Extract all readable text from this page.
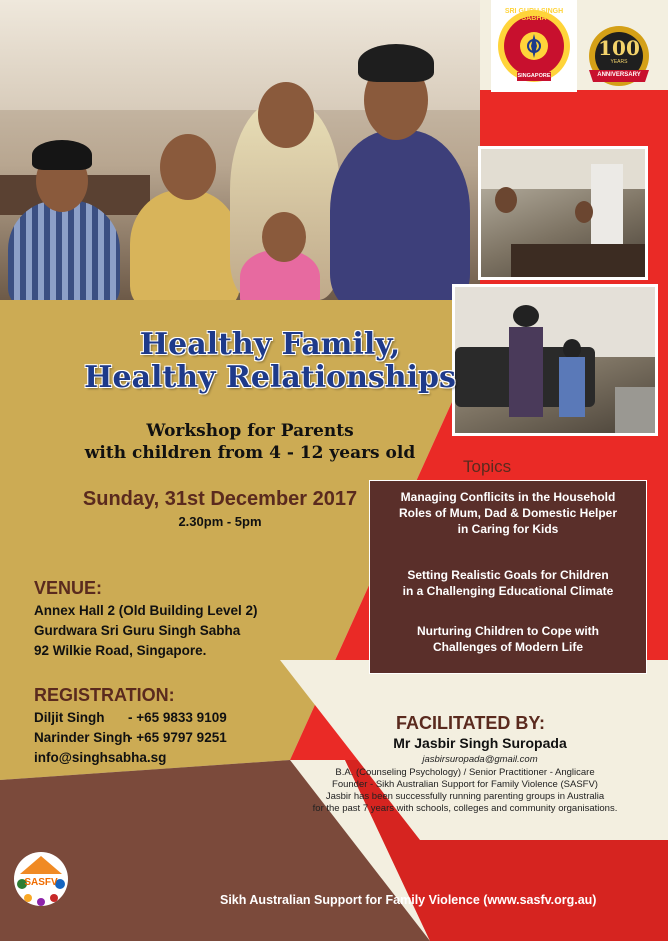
SRI GURU SINGH SABHA
SINGAPORE
100
YEARS
ANNIVERSARY
Healthy Family,
Healthy Relationships
Workshop for Parents
with children from 4 - 12 years old
Sunday, 31st December 2017
2.30pm - 5pm
VENUE:
Annex Hall 2 (Old Building Level 2)
Gurdwara Sri Guru Singh Sabha
92 Wilkie Road, Singapore.
REGISTRATION:
Diljit Singh - +65 9833 9109
Narinder Singh
- +65 9797 9251
info@singhsabha.sg
Topics
Managing Conflicits in the Household
Roles of Mum, Dad & Domestic Helper
in Caring for Kids
Setting Realistic Goals for Children
in a Challenging Educational Climate
Nurturing Children to Cope with
Challenges of Modern Life
FACILITATED BY:
Mr Jasbir Singh Suropada
jasbirsuropada@gmail.com
B.A. (Counseling Psychology) / Senior Practitioner - Anglicare
Founder - Sikh Australian Support for Family Violence (SASFV)
Jasbir has been successfully running parenting groups in Australia
for the past 7 years with schools, colleges and community organisations.
SASFV
Sikh Australian Support for Family Violence (www.sasfv.org.au)
